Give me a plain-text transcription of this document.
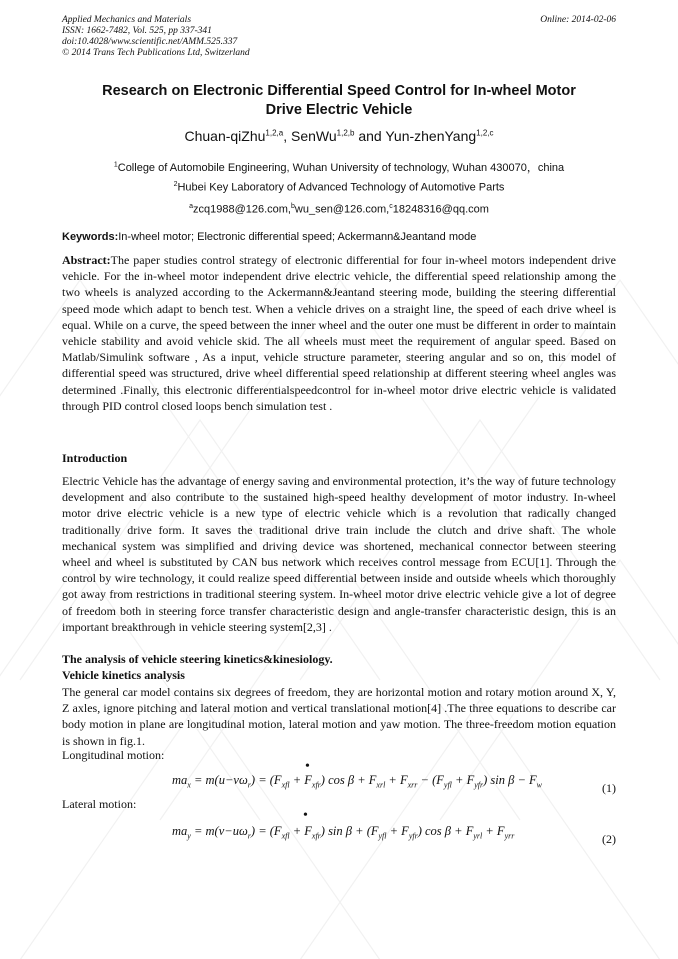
Applied Mechanics and Materials
ISSN: 1662-7482, Vol. 525, pp 337-341
doi:10.4028/www.scientific.net/AMM.525.337
© 2014 Trans Tech Publications Ltd, Switzerland
Online: 2014-02-06
Research on Electronic Differential Speed Control for In-wheel Motor
Drive Electric Vehicle
Chuan-qiZhu$^{1,2,a}$, SenWu$^{1,2,b}$ and Yun-zhenYang$^{1,2,c}$
$^1$College of Automobile Engineering, Wuhan University of technology, Wuhan 430070，china
$^2$Hubei Key Laboratory of Advanced Technology of Automotive Parts
$^a$zcq1988@126.com,$^b$wu_sen@126.com,$^c$18248316@qq.com
Keywords:In-wheel motor; Electronic differential speed; Ackermann&Jeantand mode
Abstract:The paper studies control strategy of electronic differential for four in-wheel motors independent drive vehicle. For the in-wheel motor independent drive electric vehicle, the differential speed relationship among the two wheels is analyzed according to the Ackermann&Jeantand steering mode, building the steering differential speed mode which adapt to bench test. When a vehicle drives on a straight line, the speed of each drive wheel is equal. While on a curve, the speed between the inner wheel and the outer one must be different in order to maintain vehicle stability and avoid vehicle skid. The all wheels must meet the requirement of angular speed. Based on Matlab/Simulink software , As a input, vehicle structure parameter, steering angular and so on, this model of differential speed was structured, drive wheel differential speed relationship at different steering wheel angles was determined .Finally, this electronic differentialspeedcontrol for in-wheel motor drive electric vehicle is validated through PID control closed loops bench simulation test .
Introduction
Electric Vehicle has the advantage of energy saving and environmental protection, it’s the way of future technology development and also contribute to the sustained high-speed healthy development of motor industry. In-wheel motor drive electric vehicle is a new type of electric vehicle which is a revolution that radically changed traditionally drive form. It saves the traditional drive train include the clutch and drive shaft. The whole mechanical system was simplified and driving device was shortened, mechanical connector between steering wheel and wheel is substituted by CAN bus network which receives control message from ECU[1]. Through the control by wire technology, it could realize speed differential between inside and outside wheels which thoroughly got away from restrictions in traditional steering system. In-wheel motor drive electric vehicle give a lot of degree of freedom both in steering force transfer characteristic design and angle-transfer characteristic design, this is an important breakthrough in vehicle steering system[2,3] .
The analysis of vehicle steering kinetics&kinesiology.
Vehicle kinetics analysis
The general car model contains six degrees of freedom, they are horizontal motion and rotary motion around X, Y, Z axles, ignore pitching and lateral motion and vertical translational motion[4] .The three equations to describe car body motion in plane are longitudinal motion, lateral motion and yaw motion. The three-freedom motion equation is shown in fig.1.
Longitudinal motion:
•
$ma_x = m(u-v\omega_r) = (F_{xfl} + F_{xfr})$ $\cos \beta + F_{xrl} + F_{xrr} - (F_{yfl} + F_{yfr})$ $\sin \beta - F_w$	(1)
Lateral motion:
•
$ma_y = m(v-u\omega_r) = (F_{xfl} + F_{xfr})$ $\sin \beta + (F_{yfl} + F_{yfr})$ $\cos \beta + F_{yrl} + F_{yrr}$	(2)
